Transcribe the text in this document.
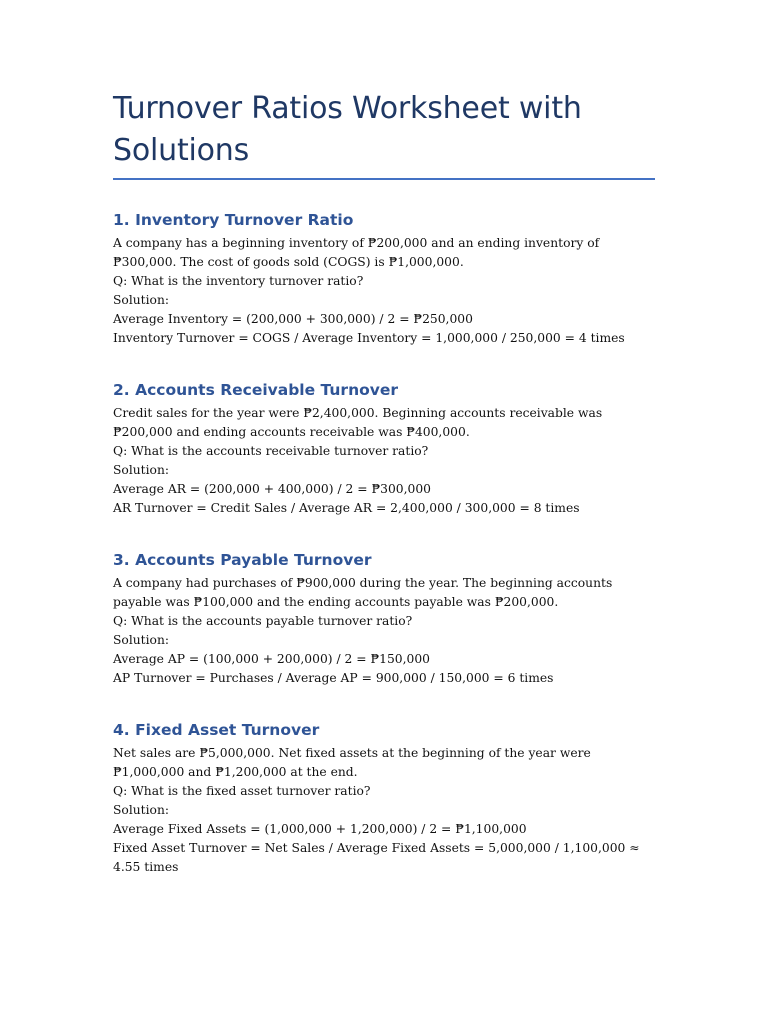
Turnover Ratios Worksheet with Solutions
1. Inventory Turnover Ratio
A company has a beginning inventory of ₱200,000 and an ending inventory of ₱300,000. The cost of goods sold (COGS) is ₱1,000,000.
Q: What is the inventory turnover ratio?
Solution:
Average Inventory = (200,000 + 300,000) / 2 = ₱250,000
Inventory Turnover = COGS / Average Inventory = 1,000,000 / 250,000 = 4 times
2. Accounts Receivable Turnover
Credit sales for the year were ₱2,400,000. Beginning accounts receivable was ₱200,000 and ending accounts receivable was ₱400,000.
Q: What is the accounts receivable turnover ratio?
Solution:
Average AR = (200,000 + 400,000) / 2 = ₱300,000
AR Turnover = Credit Sales / Average AR = 2,400,000 / 300,000 = 8 times
3. Accounts Payable Turnover
A company had purchases of ₱900,000 during the year. The beginning accounts payable was ₱100,000 and the ending accounts payable was ₱200,000.
Q: What is the accounts payable turnover ratio?
Solution:
Average AP = (100,000 + 200,000) / 2 = ₱150,000
AP Turnover = Purchases / Average AP = 900,000 / 150,000 = 6 times
4. Fixed Asset Turnover
Net sales are ₱5,000,000. Net fixed assets at the beginning of the year were ₱1,000,000 and ₱1,200,000 at the end.
Q: What is the fixed asset turnover ratio?
Solution:
Average Fixed Assets = (1,000,000 + 1,200,000) / 2 = ₱1,100,000
Fixed Asset Turnover = Net Sales / Average Fixed Assets = 5,000,000 / 1,100,000 ≈ 4.55 times
